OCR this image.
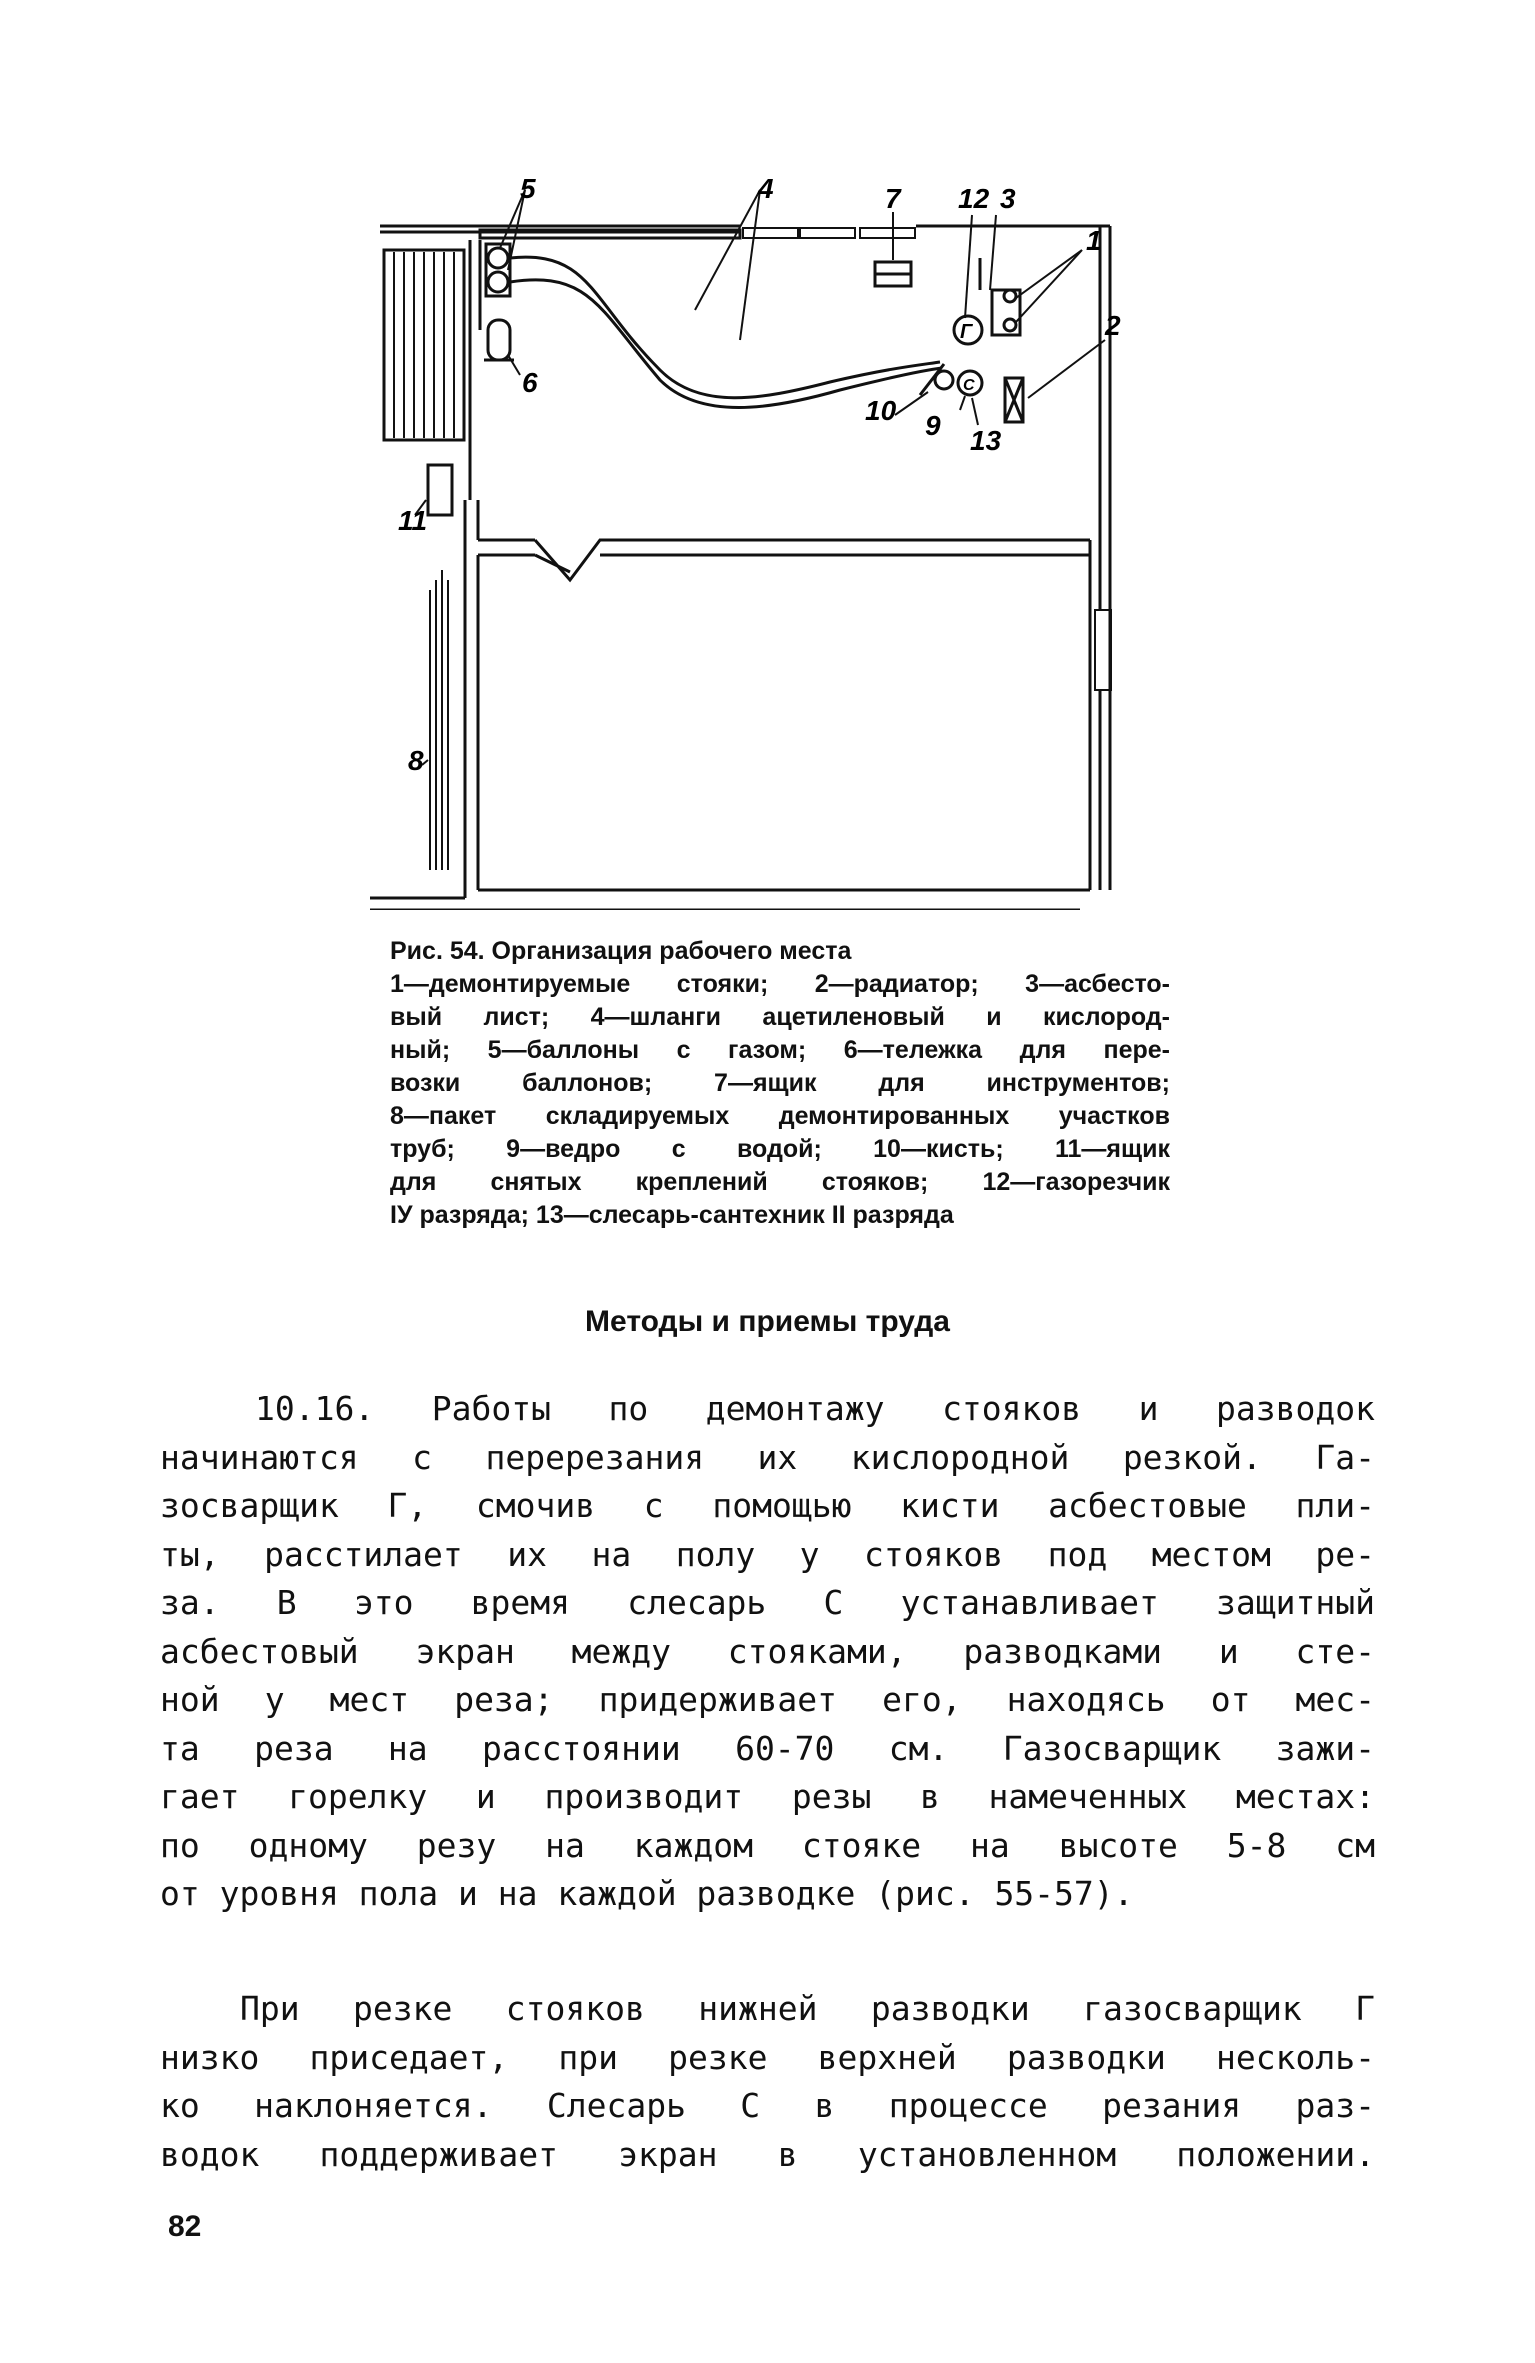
Г
С
1
2
3
4
5
6
7
8
9
10
11
12
13
Рис. 54. Организация рабочего места
1—демонтируемые стояки; 2—радиатор; 3—асбесто-
вый лист; 4—шланги ацетиленовый и кислород-
ный; 5—баллоны с газом; 6—тележка для пере-
возки баллонов; 7—ящик для инструментов;
8—пакет складируемых демонтированных участков
труб; 9—ведро с водой; 10—кисть; 11—ящик
для снятых креплений стояков; 12—газорезчик
IУ разряда; 13—слесарь-сантехник II разряда
Методы и приемы труда
10.16. Работы по демонтажу стояков и разводок
начинаются с перерезания их кислородной резкой. Га-
зосварщик Г, смочив с помощью кисти асбестовые пли-
ты, расстилает их на полу у стояков под местом ре-
за. В это время слесарь С устанавливает защитный
асбестовый экран между стояками, разводками и сте-
ной у мест реза; придерживает его, находясь от мес-
та реза на расстоянии 60-70 см. Газосварщик зажи-
гает горелку и производит резы в намеченных местах:
по одному резу на каждом стояке на высоте 5-8 см
от уровня пола и на каждой разводке (рис. 55-57).
При резке стояков нижней разводки газосварщик Г
низко приседает, при резке верхней разводки несколь-
ко наклоняется. Слесарь С в процессе резания раз-
водок поддерживает экран в установленном положении.
82
